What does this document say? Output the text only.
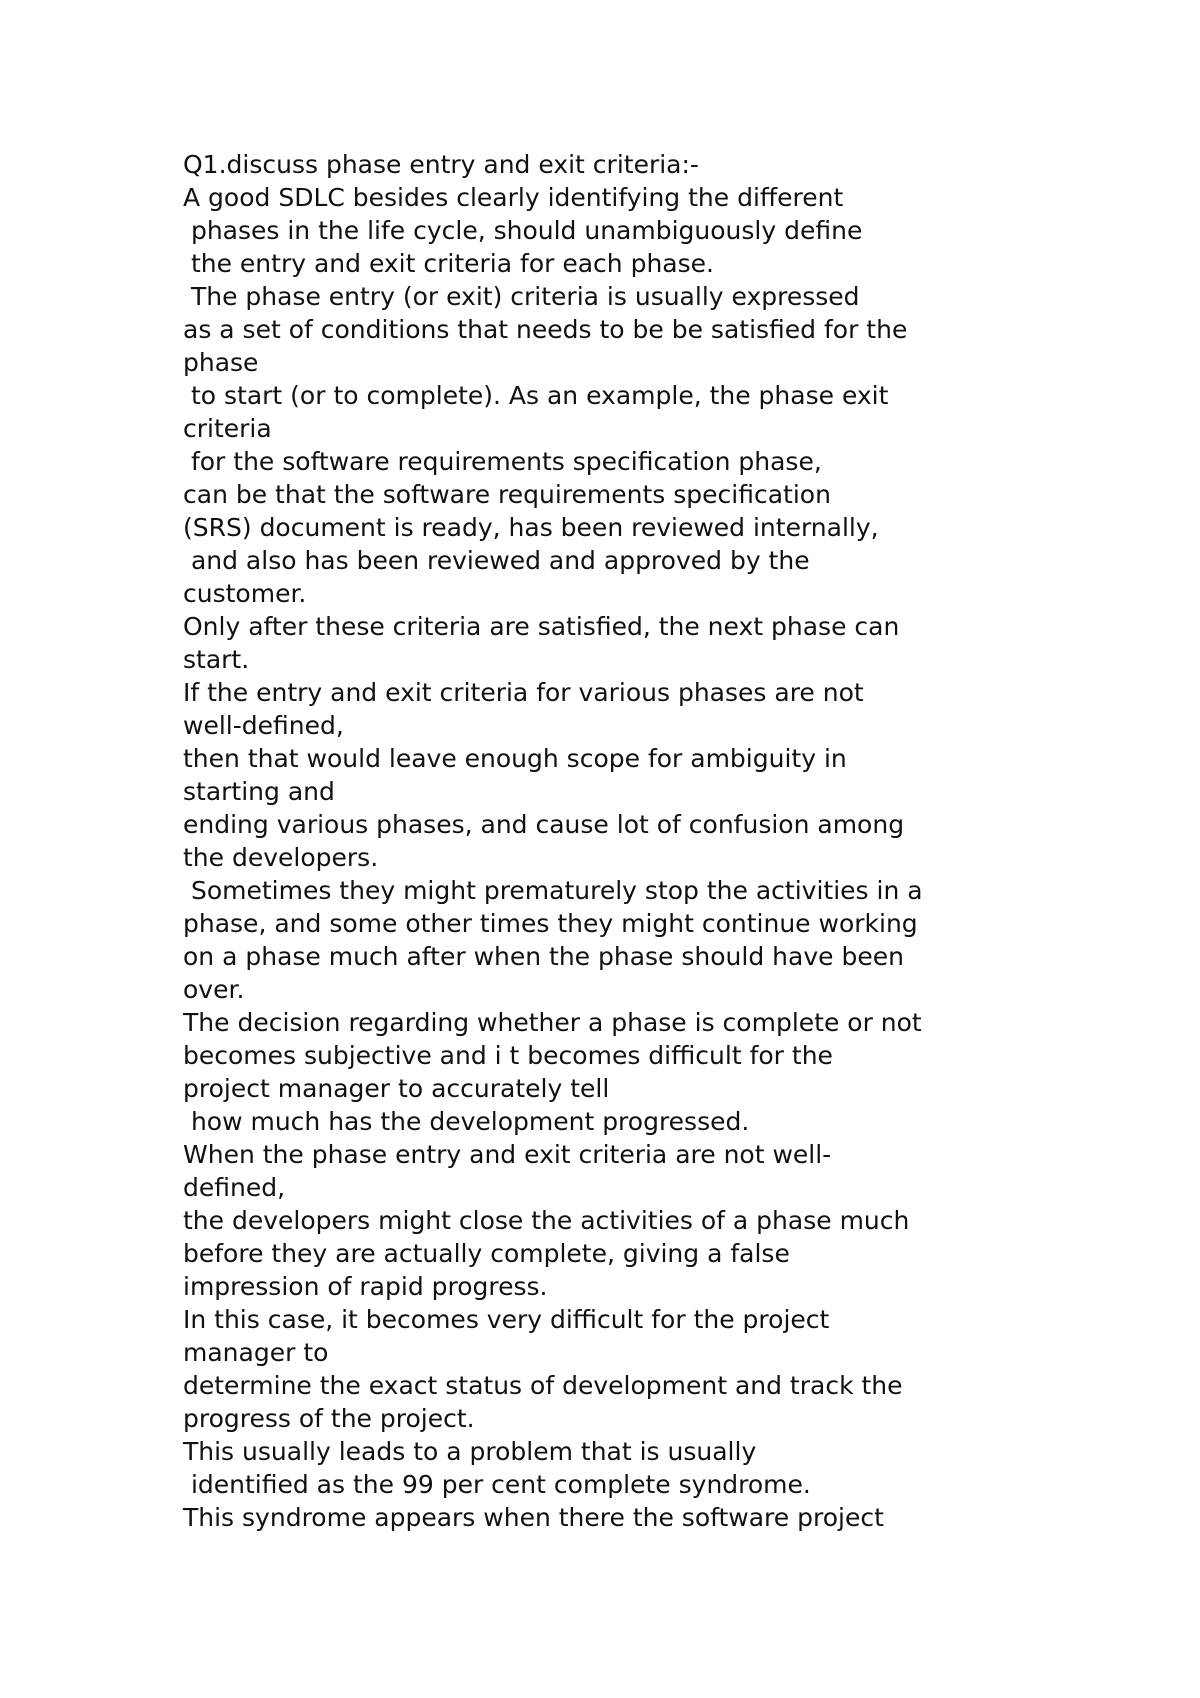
Q1.discuss phase entry and exit criteria:-
A good SDLC besides clearly identifying the different
phases in the life cycle, should unambiguously define
the entry and exit criteria for each phase.
The phase entry (or exit) criteria is usually expressed
as a set of conditions that needs to be be satisfied for the
phase
to start (or to complete). As an example, the phase exit
criteria
for the software requirements specification phase,
can be that the software requirements specification
(SRS) document is ready, has been reviewed internally,
and also has been reviewed and approved by the
customer.
Only after these criteria are satisfied, the next phase can
start.
If the entry and exit criteria for various phases are not
well-defined,
then that would leave enough scope for ambiguity in
starting and
ending various phases, and cause lot of confusion among
the developers.
Sometimes they might prematurely stop the activities in a
phase, and some other times they might continue working
on a phase much after when the phase should have been
over.
The decision regarding whether a phase is complete or not
becomes subjective and i t becomes difficult for the
project manager to accurately tell
how much has the development progressed.
When the phase entry and exit criteria are not well-
defined,
the developers might close the activities of a phase much
before they are actually complete, giving a false
impression of rapid progress.
In this case, it becomes very difficult for the project
manager to
determine the exact status of development and track the
progress of the project.
This usually leads to a problem that is usually
identified as the 99 per cent complete syndrome.
This syndrome appears when there the software project
